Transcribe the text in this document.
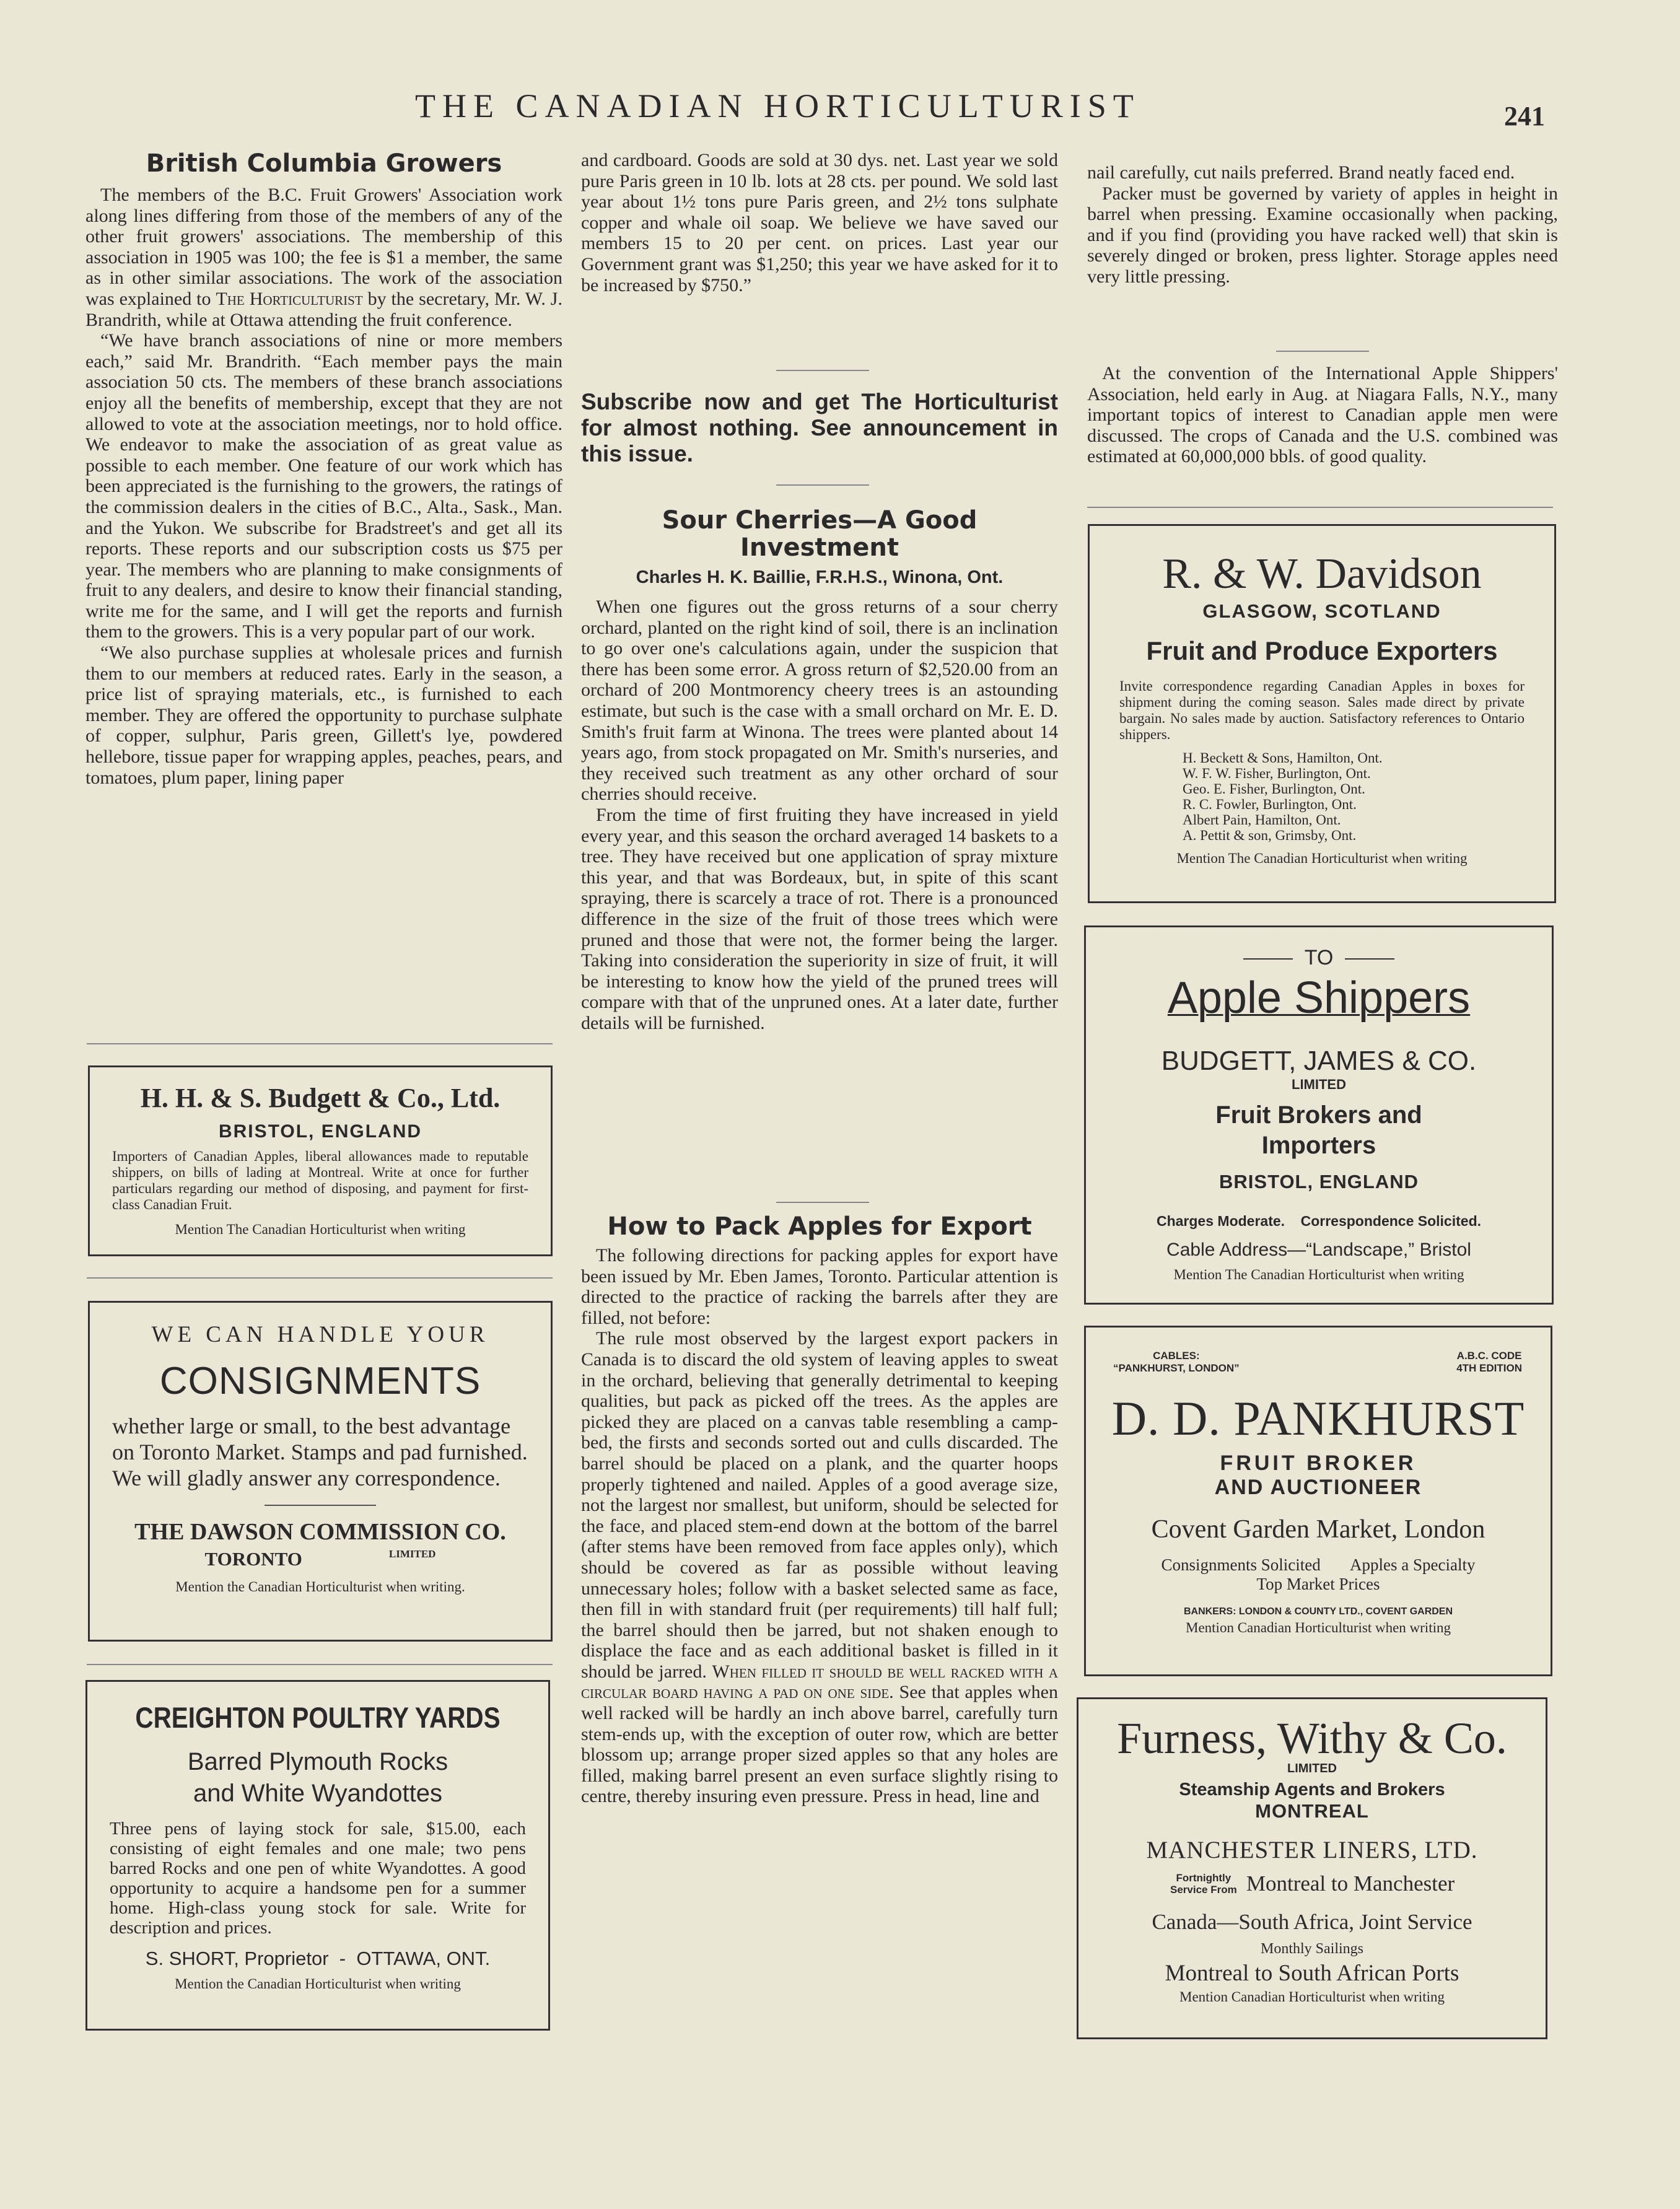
THE CANADIAN HORTICULTURIST	241
British Columbia Growers

The members of the B.C. Fruit Growers' Association work along lines differing from those of the members of any of the other fruit growers' associations. The membership of this association in 1905 was 100; the fee is $1 a member, the same as in other similar associations. The work of the association was explained to The Horticulturist by the secretary, Mr. W. J. Brandrith, while at Ottawa attending the fruit conference.

“We have branch associations of nine or more members each,” said Mr. Brandrith. “Each member pays the main association 50 cts. The members of these branch associations enjoy all the benefits of membership, except that they are not allowed to vote at the association meetings, nor to hold office. We endeavor to make the association of as great value as possible to each member. One feature of our work which has been appreciated is the furnishing to the growers, the ratings of the commission dealers in the cities of B.C., Alta., Sask., Man. and the Yukon. We subscribe for Bradstreet's and get all its reports. These reports and our subscription costs us $75 per year. The members who are planning to make consignments of fruit to any dealers, and desire to know their financial standing, write me for the same, and I will get the reports and furnish them to the growers. This is a very popular part of our work.

“We also purchase supplies at wholesale prices and furnish them to our members at reduced rates. Early in the season, a price list of spraying materials, etc., is furnished to each member. They are offered the opportunity to purchase sulphate of copper, sulphur, Paris green, Gillett's lye, powdered hellebore, tissue paper for wrapping apples, peaches, pears, and tomatoes, plum paper, lining paper

H. H. & S. Budgett & Co., Ltd.
BRISTOL, ENGLAND
Importers of Canadian Apples, liberal allowances made to reputable shippers, on bills of lading at Montreal. Write at once for further particulars regarding our method of disposing, and payment for first-class Canadian Fruit.
Mention The Canadian Horticulturist when writing
WE CAN HANDLE YOUR
CONSIGNMENTS
whether large or small, to the best advantage on Toronto Market. Stamps and pad furnished. We will gladly answer any correspondence.
THE DAWSON COMMISSION CO.
TORONTO	$^{LIMITED}$
Mention the Canadian Horticulturist when writing.
CREIGHTON POULTRY YARDS
Barred Plymouth Rocks
and White Wyandottes
Three pens of laying stock for sale, $15.00, each consisting of eight females and one male; two pens barred Rocks and one pen of white Wyandottes. A good opportunity to acquire a handsome pen for a summer home. High-class young stock for sale. Write for description and prices.
S. SHORT, Proprietor - OTTAWA, ONT.
Mention the Canadian Horticulturist when writing

and cardboard. Goods are sold at 30 dys. net. Last year we sold pure Paris green in 10 lb. lots at 28 cts. per pound. We sold last year about 1½ tons pure Paris green, and 2½ tons sulphate copper and whale oil soap. We believe we have saved our members 15 to 20 per cent. on prices. Last year our Government grant was $1,250; this year we have asked for it to be increased by $750.”

Subscribe now and get The Horticulturist for almost nothing. See announcement in this issue.
Sour Cherries—A Good Investment
Charles H. K. Baillie, F.R.H.S., Winona, Ont.

When one figures out the gross returns of a sour cherry orchard, planted on the right kind of soil, there is an inclination to go over one's calculations again, under the suspicion that there has been some error. A gross return of $2,520.00 from an orchard of 200 Montmorency cheery trees is an astounding estimate, but such is the case with a small orchard on Mr. E. D. Smith's fruit farm at Winona. The trees were planted about 14 years ago, from stock propagated on Mr. Smith's nurseries, and they received such treatment as any other orchard of sour cherries should receive.

From the time of first fruiting they have increased in yield every year, and this season the orchard averaged 14 baskets to a tree. They have received but one application of spray mixture this year, and that was Bordeaux, but, in spite of this scant spraying, there is scarcely a trace of rot. There is a pronounced difference in the size of the fruit of those trees which were pruned and those that were not, the former being the larger. Taking into consideration the superiority in size of fruit, it will be interesting to know how the yield of the pruned trees will compare with that of the unpruned ones. At a later date, further details will be furnished.

How to Pack Apples for Export

The following directions for packing apples for export have been issued by Mr. Eben James, Toronto. Particular attention is directed to the practice of racking the barrels after they are filled, not before:

The rule most observed by the largest export packers in Canada is to discard the old system of leaving apples to sweat in the orchard, believing that generally detrimental to keeping qualities, but pack as picked off the trees. As the apples are picked they are placed on a canvas table resembling a camp-bed, the firsts and seconds sorted out and culls discarded. The barrel should be placed on a plank, and the quarter hoops properly tightened and nailed. Apples of a good average size, not the largest nor smallest, but uniform, should be selected for the face, and placed stem-end down at the bottom of the barrel (after stems have been removed from face apples only), which should be covered as far as possible without leaving unnecessary holes; follow with a basket selected same as face, then fill in with standard fruit (per requirements) till half full; the barrel should then be jarred, but not shaken enough to displace the face and as each additional basket is filled in it should be jarred. When filled it should be well racked with a circular board having a pad on one side. See that apples when well racked will be hardly an inch above barrel, carefully turn stem-ends up, with the exception of outer row, which are better blossom up; arrange proper sized apples so that any holes are filled, making barrel present an even surface slightly rising to centre, thereby insuring even pressure. Press in head, line and

nail carefully, cut nails preferred. Brand neatly faced end.

Packer must be governed by variety of apples in height in barrel when pressing. Examine occasionally when packing, and if you find (providing you have racked well) that skin is severely dinged or broken, press lighter. Storage apples need very little pressing.

At the convention of the International Apple Shippers' Association, held early in Aug. at Niagara Falls, N.Y., many important topics of interest to Canadian apple men were discussed. The crops of Canada and the U.S. combined was estimated at 60,000,000 bbls. of good quality.

R. & W. Davidson
GLASGOW, SCOTLAND
Fruit and Produce Exporters
Invite correspondence regarding Canadian Apples in boxes for shipment during the coming season. Sales made direct by private bargain. No sales made by auction. Satisfactory references to Ontario shippers.
H. Beckett & Sons, Hamilton, Ont.
W. F. W. Fisher, Burlington, Ont.
Geo. E. Fisher, Burlington, Ont.
R. C. Fowler, Burlington, Ont.
Albert Pain, Hamilton, Ont.
A. Pettit & son, Grimsby, Ont.
Mention The Canadian Horticulturist when writing
TO
Apple Shippers
BUDGETT, JAMES & CO.
LIMITED
Fruit Brokers and
Importers
BRISTOL, ENGLAND
Charges Moderate. Correspondence Solicited.
Cable Address—“Landscape,” Bristol
Mention The Canadian Horticulturist when writing
CABLES:
“PANKHURST, LONDON”
A.B.C. CODE
4TH EDITION
D. D. PANKHURST
FRUIT BROKER
AND AUCTIONEER
Covent Garden Market, London
Consignments Solicited Apples a Specialty
Top Market Prices
BANKERS: LONDON & COUNTY LTD., COVENT GARDEN
Mention Canadian Horticulturist when writing
Furness, Withy & Co.
LIMITED
Steamship Agents and Brokers
MONTREAL
MANCHESTER LINERS, LTD.
Fortnightly Service From Montreal to Manchester
Canada—South Africa, Joint Service
Monthly Sailings
Montreal to South African Ports
Mention Canadian Horticulturist when writing
